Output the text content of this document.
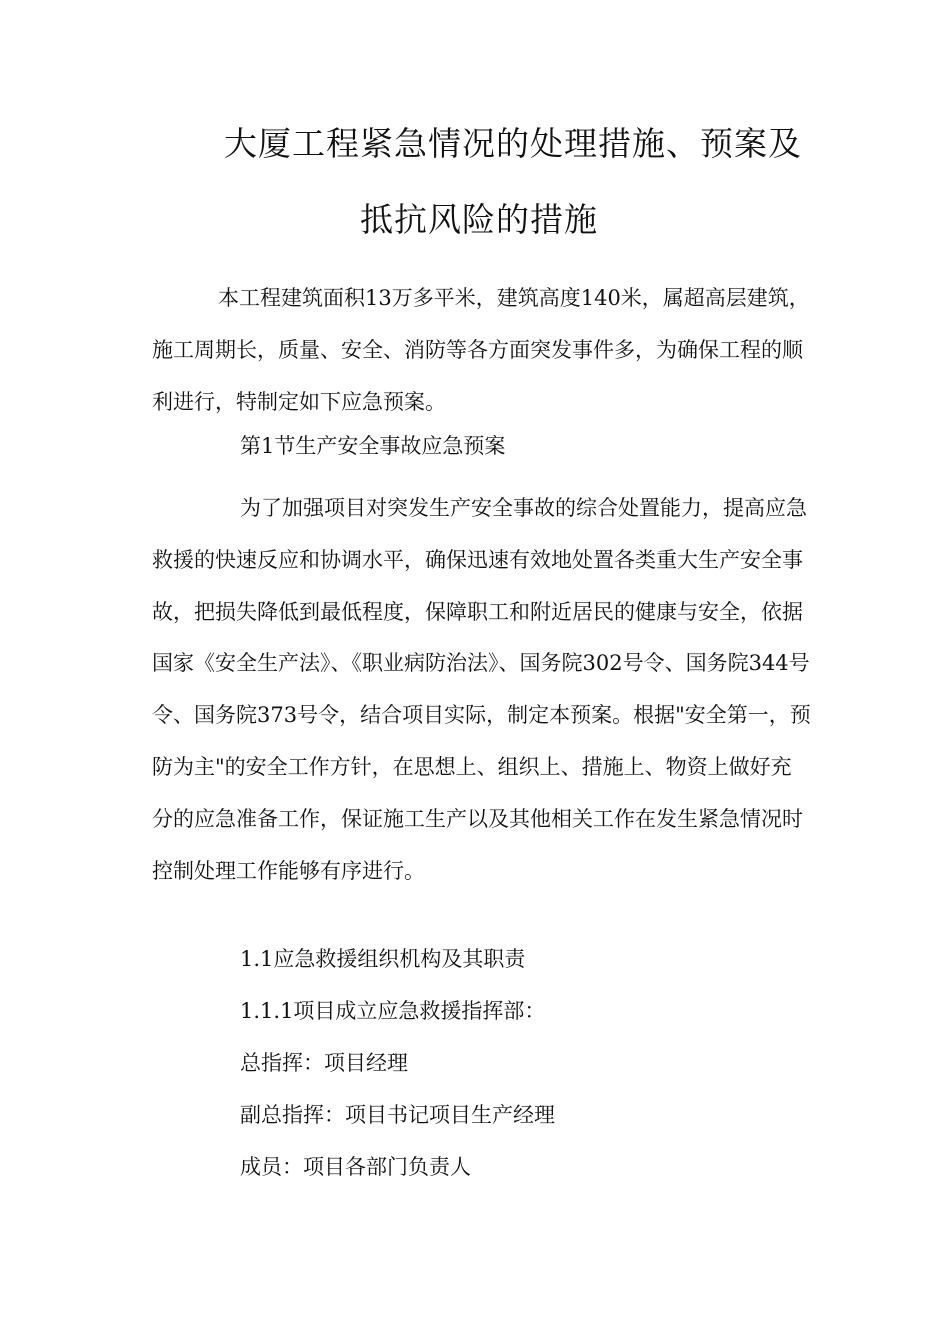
大厦工程紧急情况的处理措施、预案及
抵抗风险的措施

本工程建筑面积13万多平米，建筑高度140米，属超高层建筑，施工周期长，质量、安全、消防等各方面突发事件多，为确保工程的顺利进行，特制定如下应急预案。

第1节生产安全事故应急预案

为了加强项目对突发生产安全事故的综合处置能力，提高应急救援的快速反应和协调水平，确保迅速有效地处置各类重大生产安全事故，把损失降低到最低程度，保障职工和附近居民的健康与安全，依据国家《安全生产法》、《职业病防治法》、国务院302号令、国务院344号令、国务院373号令，结合项目实际，制定本预案。根据"安全第一，预防为主"的安全工作方针，在思想上、组织上、措施上、物资上做好充分的应急准备工作，保证施工生产以及其他相关工作在发生紧急情况时控制处理工作能够有序进行。

1.1应急救援组织机构及其职责
1.1.1项目成立应急救援指挥部：
总指挥：项目经理
副总指挥：项目书记项目生产经理
成员：项目各部门负责人
